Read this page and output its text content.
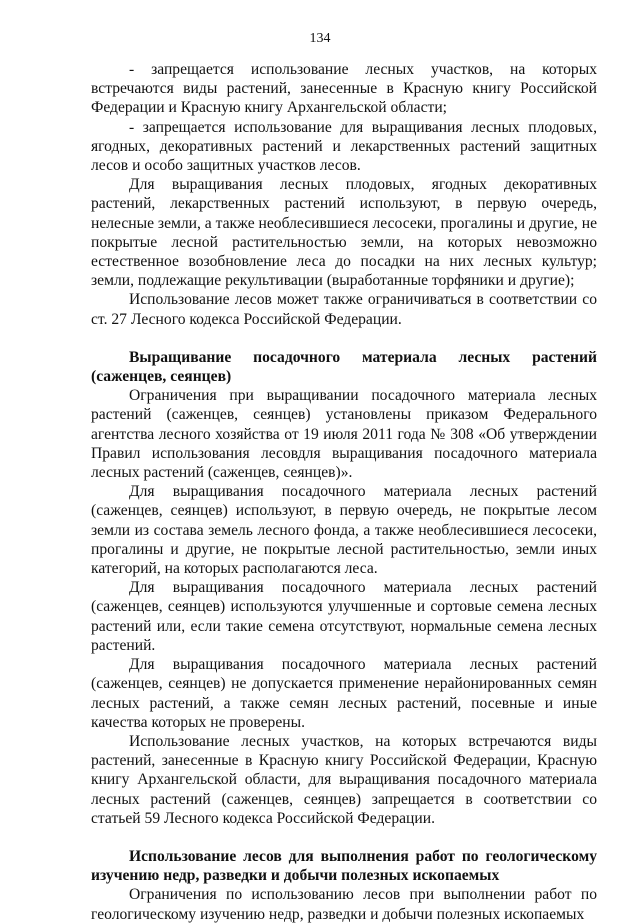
134

- запрещается использование лесных участков, на которых встречаются виды растений, занесенные в Красную книгу Российской Федерации и Красную книгу Архангельской области;

- запрещается использование для выращивания лесных плодовых, ягодных, декоративных растений и лекарственных растений защитных лесов и особо защитных участков лесов.

Для выращивания лесных плодовых, ягодных декоративных растений, лекарственных растений используют, в первую очередь, нелесные земли, а также необлесившиеся лесосеки, прогалины и другие, не покрытые лесной растительностью земли, на которых невозможно естественное возобновление леса до посадки на них лесных культур; земли, подлежащие рекультивации (выработанные торфяники и другие);

Использование лесов может также ограничиваться в соответствии со ст. 27 Лесного кодекса Российской Федерации.

Выращивание посадочного материала лесных растений (саженцев, сеянцев)

Ограничения при выращивании посадочного материала лесных растений (саженцев, сеянцев) установлены приказом Федерального агентства лесного хозяйства от 19 июля 2011 года № 308 «Об утверждении Правил использования лесовдля выращивания посадочного материала лесных растений (саженцев, сеянцев)».

Для выращивания посадочного материала лесных растений (саженцев, сеянцев) используют, в первую очередь, не покрытые лесом земли из состава земель лесного фонда, а также необлесившиеся лесосеки, прогалины и другие, не покрытые лесной растительностью, земли иных категорий, на которых располагаются леса.

Для выращивания посадочного материала лесных растений (саженцев, сеянцев) используются улучшенные и сортовые семена лесных растений или, если такие семена отсутствуют, нормальные семена лесных растений.

Для выращивания посадочного материала лесных растений (саженцев, сеянцев) не допускается применение нерайонированных семян лесных растений, а также семян лесных растений, посевные и иные качества которых не проверены.

Использование лесных участков, на которых встречаются виды растений, занесенные в Красную книгу Российской Федерации, Красную книгу Архангельской области, для выращивания посадочного материала лесных растений (саженцев, сеянцев) запрещается в соответствии со статьей 59 Лесного кодекса Российской Федерации.

Использование лесов для выполнения работ по геологическому изучению недр, разведки и добычи полезных ископаемых

Ограничения по использованию лесов при выполнении работ по геологическому изучению недр, разведки и добычи полезных ископаемых
